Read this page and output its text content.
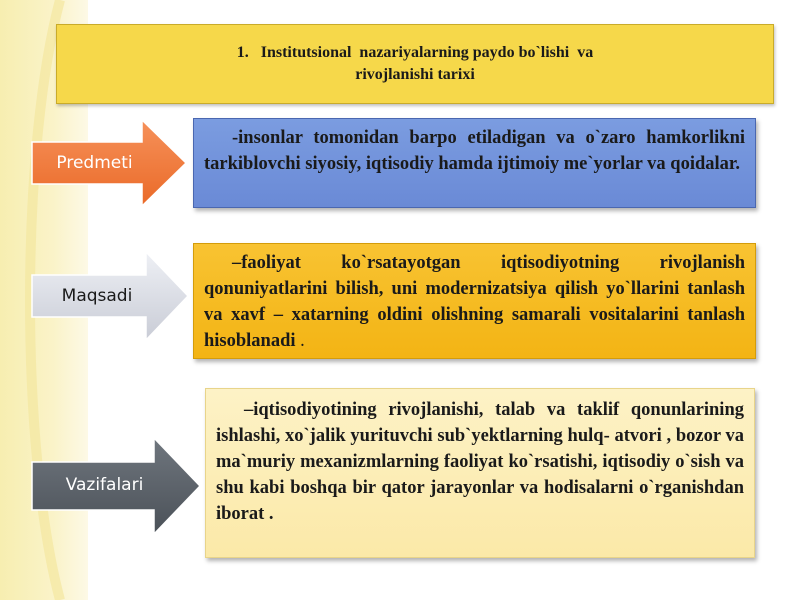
1.   Institutsional  nazariyalarning paydo bo`lishi  va
rivojlanishi tarixi
Predmeti
Maqsadi
Vazifalari
-insonlar tomonidan barpo etiladigan va o`zaro hamkorlikni tarkiblovchi siyosiy, iqtisodiy hamda ijtimoiy me`yorlar va qoidalar.
–faoliyat ko`rsatayotgan iqtisodiyotning rivojlanish qonuniyatlarini bilish, uni modernizatsiya qilish yo`llarini tanlash va xavf – xatarning oldini olishning samarali vositalarini tanlash hisoblanadi .
–iqtisodiyotining rivojlanishi, talab va taklif qonunlarining ishlashi, xo`jalik yurituvchi sub`yektlarning hulq- atvori , bozor va ma`muriy mexanizmlarning faoliyat ko`rsatishi, iqtisodiy o`sish va shu kabi boshqa bir qator jarayonlar va hodisalarni o`rganishdan iborat .
